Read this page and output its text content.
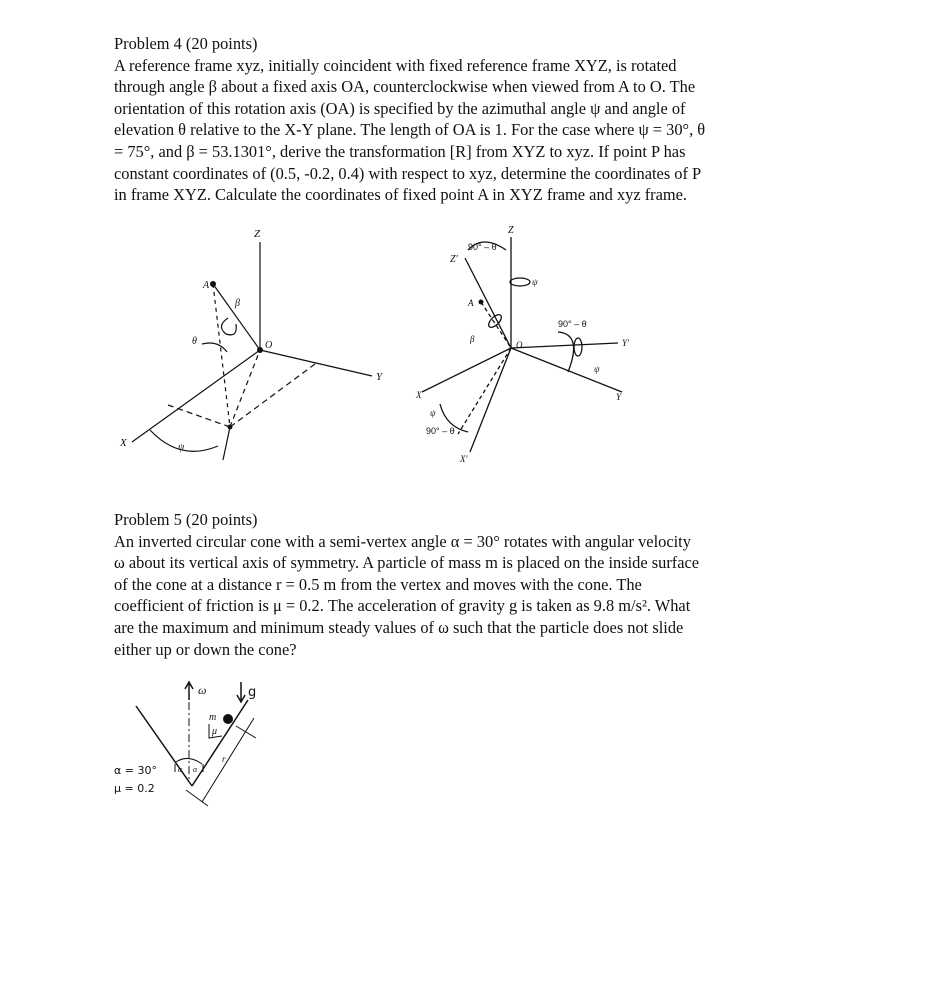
Problem 4 (20 points)
A reference frame xyz, initially coincident with fixed reference frame XYZ, is rotated
through angle β about a fixed axis OA, counterclockwise when viewed from A to O. The
orientation of this rotation axis (OA) is specified by the azimuthal angle ψ and angle of
elevation θ relative to the X-Y plane. The length of OA is 1. For the case where ψ = 30°, θ
= 75°, and β = 53.1301°, derive the transformation [R] from XYZ to xyz. If point P has
constant coordinates of (0.5, -0.2, 0.4) with respect to xyz, determine the coordinates of P
in frame XYZ. Calculate the coordinates of fixed point A in XYZ frame and xyz frame.
Z
Y
X
A
β
O
θ
ψ
Z
Z'
90° – θ
A
ψ
β
O
90° – θ
Y'
Y
ψ
X
ψ
90° – θ
X'
Problem 5 (20 points)
An inverted circular cone with a semi-vertex angle α = 30° rotates with angular velocity
ω about its vertical axis of symmetry. A particle of mass m is placed on the inside surface
of the cone at a distance r = 0.5 m from the vertex and moves with the cone. The
coefficient of friction is μ = 0.2. The acceleration of gravity g is taken as 9.8 m/s². What
are the maximum and minimum steady values of ω such that the particle does not slide
either up or down the cone?
ω	g
m
μ
r
α α
α = 30°
μ = 0.2
